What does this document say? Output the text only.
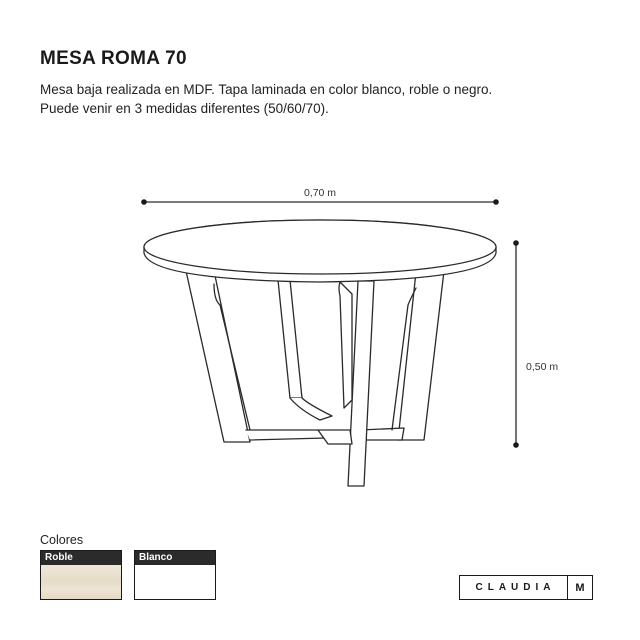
MESA ROMA 70
Mesa baja realizada en MDF. Tapa laminada en color blanco, roble o negro.
Puede venir en 3 medidas diferentes (50/60/70).
0,70 m
0,50 m
Colores
Roble	Blanco
CLAUDIA	M
